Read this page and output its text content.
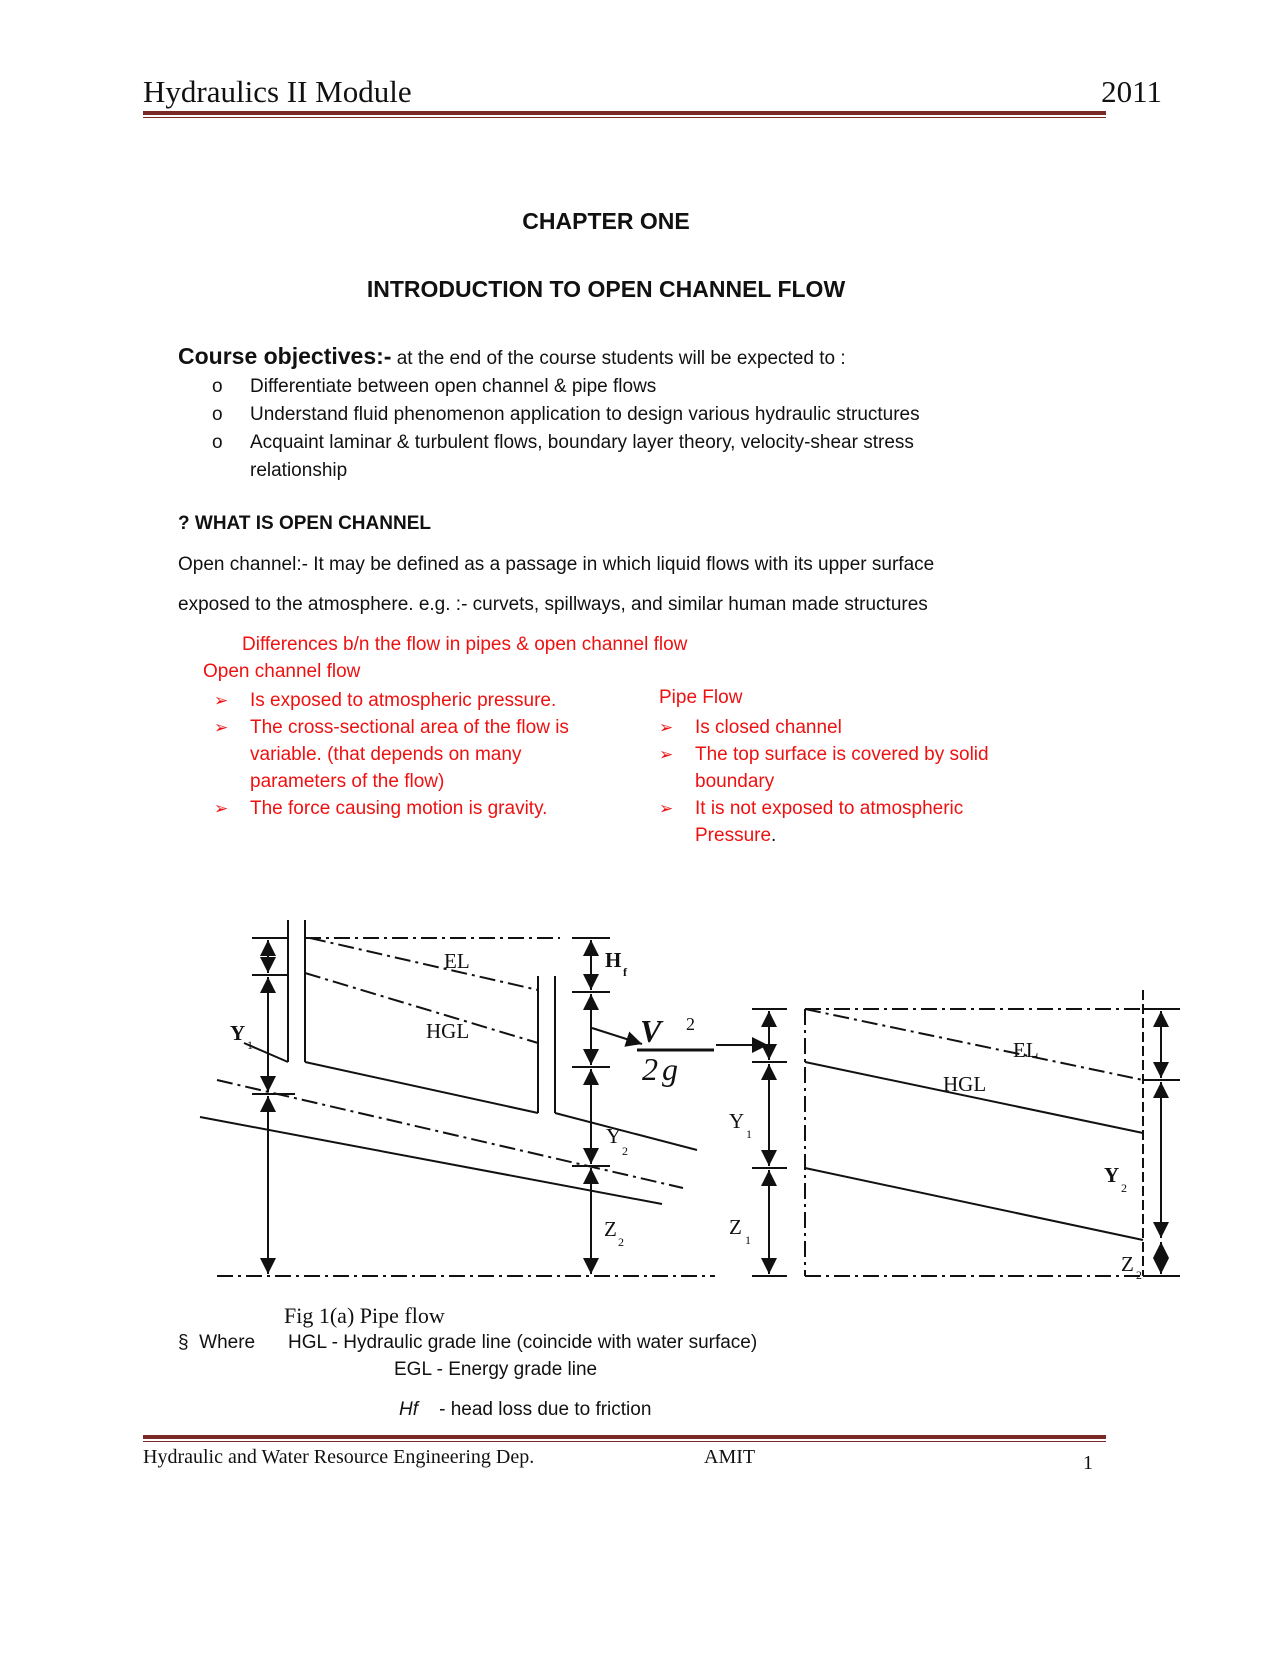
Hydraulics II Module	2011
CHAPTER ONE
INTRODUCTION TO OPEN CHANNEL FLOW
Course objectives:- at the end of the course students will be expected to :
o	Differentiate between open channel & pipe flows
o	Understand fluid phenomenon application to design various hydraulic structures
o	Acquaint laminar & turbulent flows, boundary layer theory, velocity-shear stress
relationship
? WHAT IS OPEN CHANNEL
Open channel:- It may be defined as a passage in which liquid flows with its upper surface
exposed to the atmosphere. e.g. :- curvets, spillways, and similar human made structures
Differences b/n the flow in pipes & open channel flow
Open channel flow
➢	Is exposed to atmospheric pressure.
➢	The cross-sectional area of the flow is variable. (that depends on many parameters of the flow)
➢	The force causing motion is gravity.
Pipe Flow
➢	Is closed channel
➢	The top surface is covered by solid boundary
➢	It is not exposed to atmospheric Pressure.
EL
HGL
H f
Y 1
Y
2
Z
2
V 2
2g
Y
1
Z
1
EL
HGL
Y
2
Z 2
Fig 1(a) Pipe flow
§ Where HGL - Hydraulic grade line (coincide with water surface)
EGL - Energy grade line
Hf - head loss due to friction
Hydraulic and Water Resource Engineering Dep.	AMIT	1
